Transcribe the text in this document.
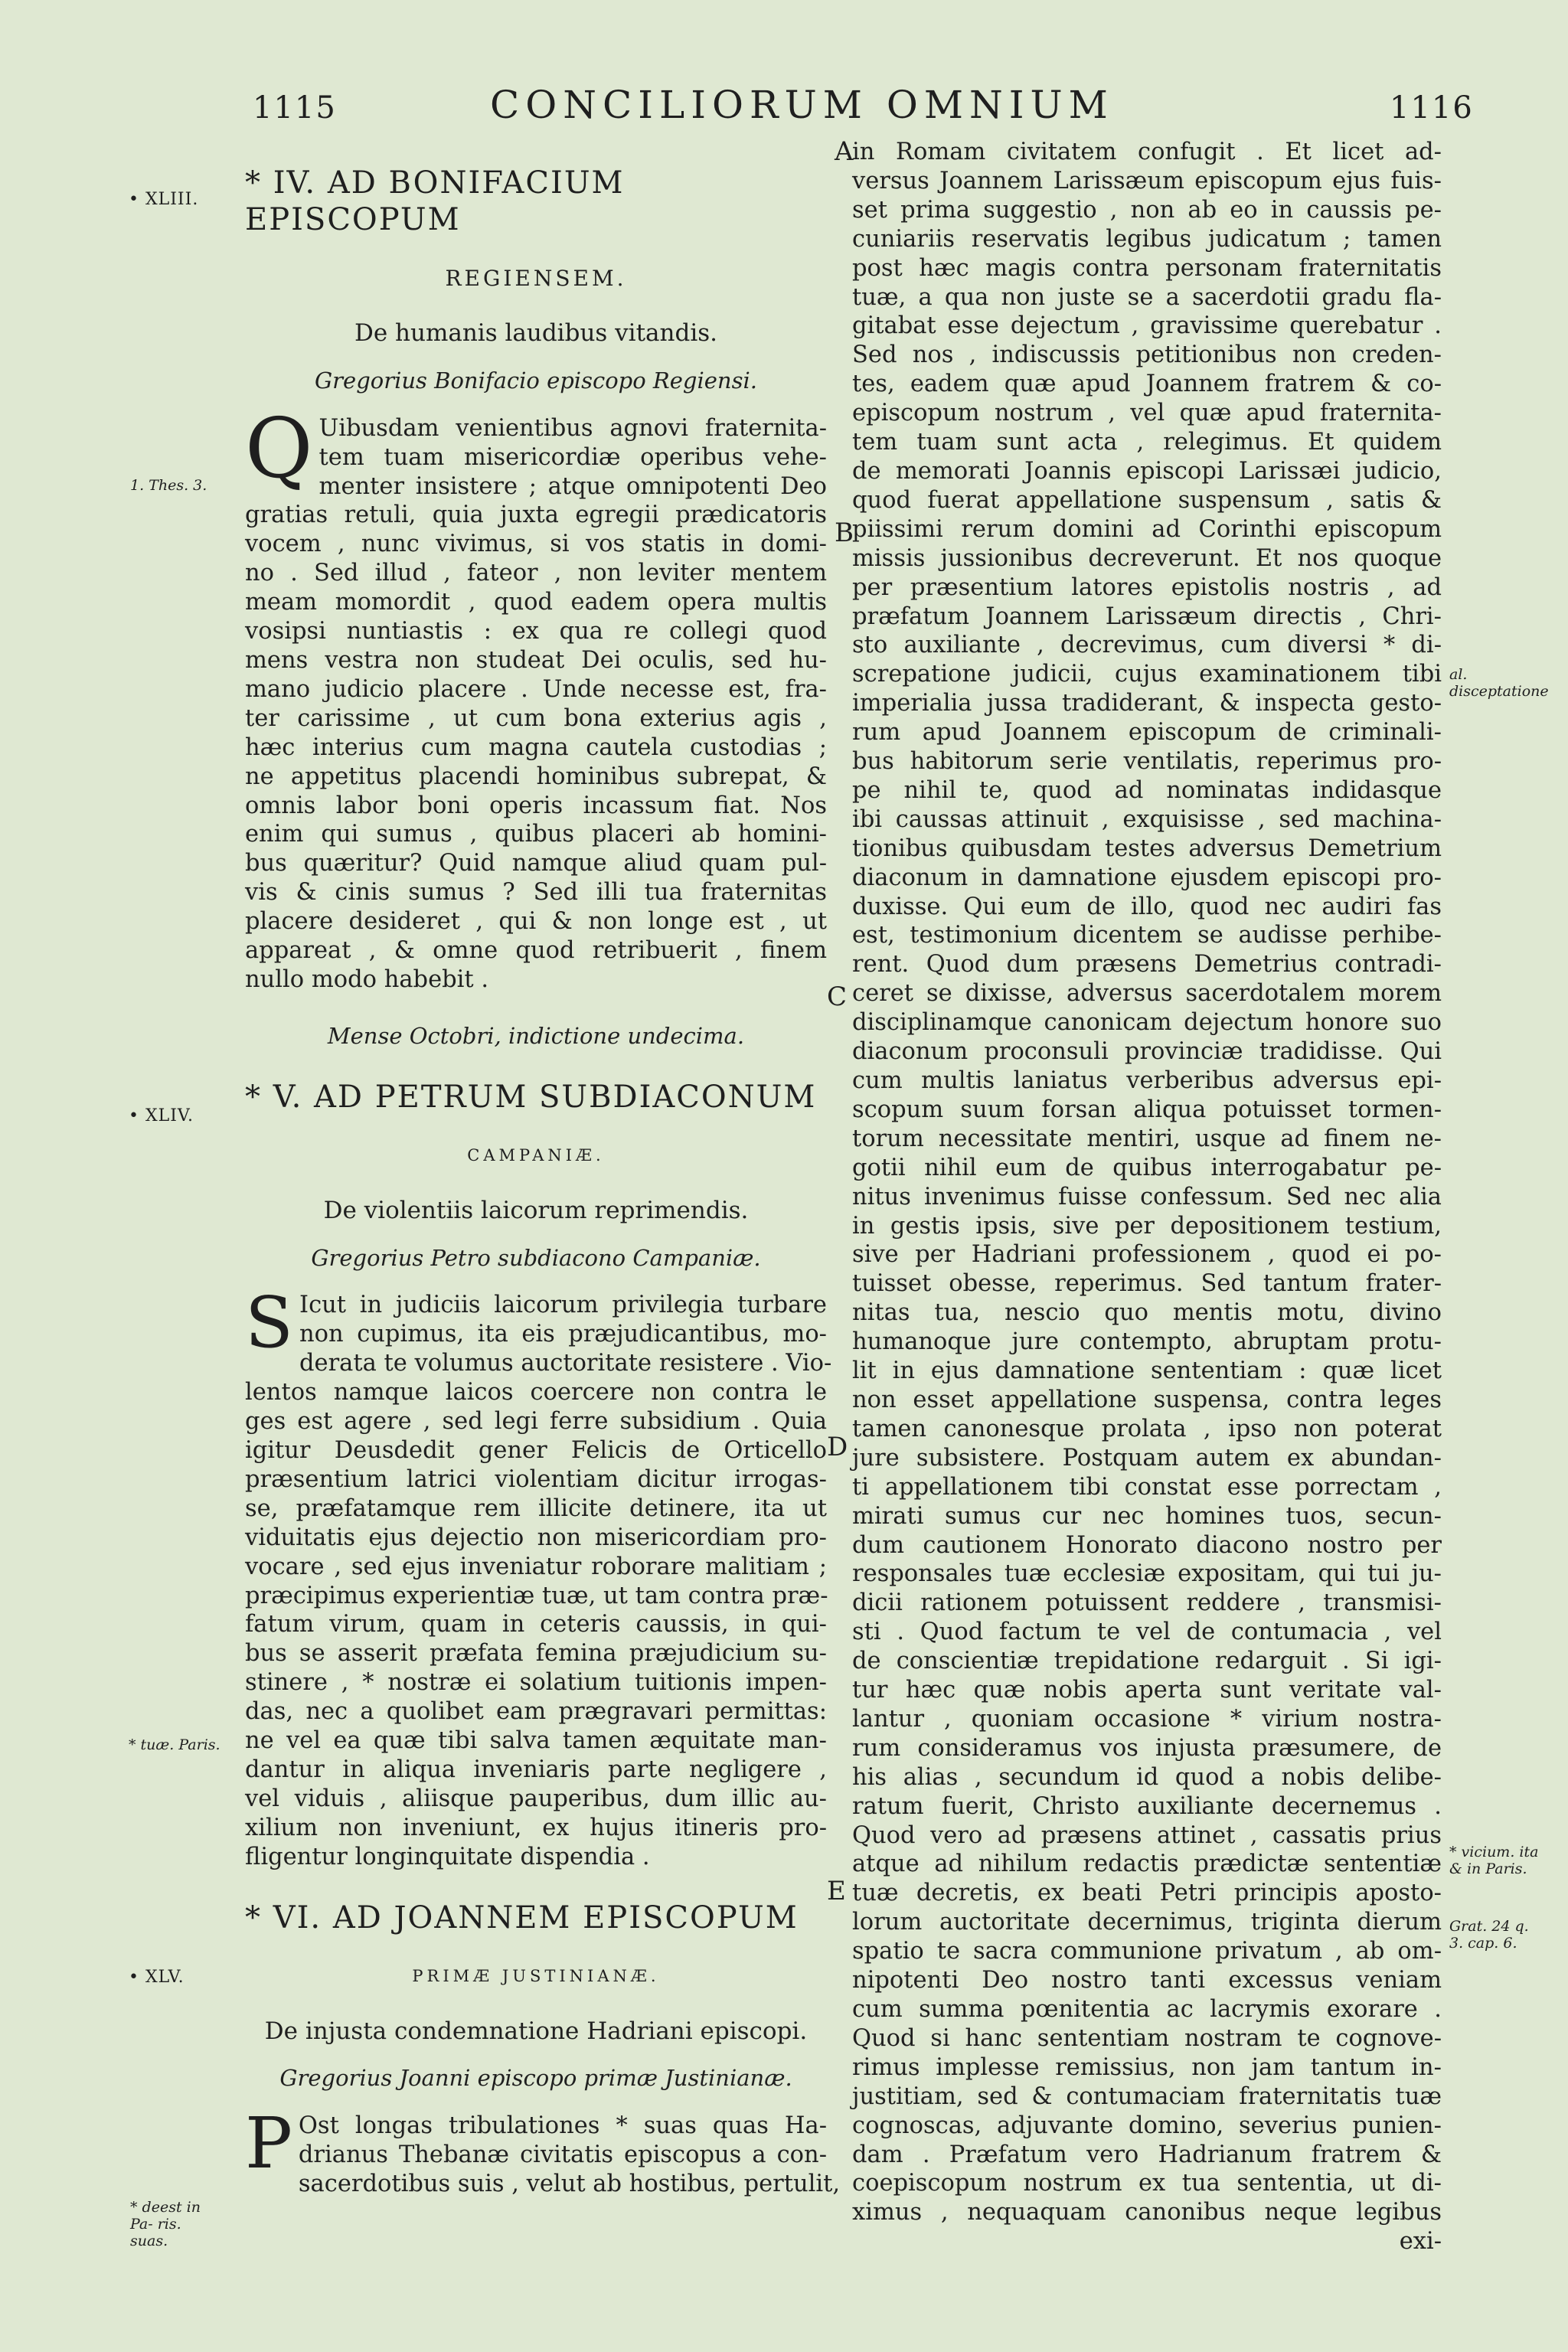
1115	CONCILIORUM OMNIUM	1116
• XLIII.
1. Thes. 3.
• XLIV.
* tuæ. Paris.
• XLV.
* deest in Pa- ris. suas.
al. disceptatione
* vicium. ita & in Paris.
Grat. 24 q. 3. cap. 6.
A
B
C
D
E
* IV. AD BONIFACIUM EPISCOPUM
REGIENSEM.
De humanis laudibus vitandis.
Gregorius Bonifacio episcopo Regiensi.
Q Uibusdam venientibus agnovi fraternita-
tem tuam misericordiæ operibus vehe-
menter insistere ; atque omnipotenti Deo
gratias retuli, quia juxta egregii prædicatoris
vocem , nunc vivimus, si vos statis in domi-
no . Sed illud , fateor , non leviter mentem
meam momordit , quod eadem opera multis
vosipsi nuntiastis : ex qua re collegi quod
mens vestra non studeat Dei oculis, sed hu-
mano judicio placere . Unde necesse est, fra-
ter carissime , ut cum bona exterius agis ,
hæc interius cum magna cautela custodias ;
ne appetitus placendi hominibus subrepat, &
omnis labor boni operis incassum fiat. Nos
enim qui sumus , quibus placeri ab homini-
bus quæritur? Quid namque aliud quam pul-
vis & cinis sumus ? Sed illi tua fraternitas
placere desideret , qui & non longe est , ut
appareat , & omne quod retribuerit , finem
nullo modo habebit .
Mense Octobri, indictione undecima.
* V. AD PETRUM SUBDIACONUM
CAMPANIÆ.
De violentiis laicorum reprimendis.
Gregorius Petro subdiacono Campaniæ.
S Icut in judiciis laicorum privilegia turbare
non cupimus, ita eis præjudicantibus, mo-
derata te volumus auctoritate resistere . Vio-
lentos namque laicos coercere non contra le
ges est agere , sed legi ferre subsidium . Quia
igitur Deusdedit gener Felicis de Orticello
præsentium latrici violentiam dicitur irrogas-
se, præfatamque rem illicite detinere, ita ut
viduitatis ejus dejectio non misericordiam pro-
vocare , sed ejus inveniatur roborare malitiam ;
præcipimus experientiæ tuæ, ut tam contra præ-
fatum virum, quam in ceteris caussis, in qui-
bus se asserit præfata femina præjudicium su-
stinere , * nostræ ei solatium tuitionis impen-
das, nec a quolibet eam prægravari permittas:
ne vel ea quæ tibi salva tamen æquitate man-
dantur in aliqua inveniaris parte negligere ,
vel viduis , aliisque pauperibus, dum illic au-
xilium non inveniunt, ex hujus itineris pro-
fligentur longinquitate dispendia .
* VI. AD JOANNEM EPISCOPUM
PRIMÆ JUSTINIANÆ.
De injusta condemnatione Hadriani episcopi.
Gregorius Joanni episcopo primæ Justinianæ.
P Ost longas tribulationes * suas quas Ha-
drianus Thebanæ civitatis episcopus a con-
sacerdotibus suis , velut ab hostibus, pertulit,
in Romam civitatem confugit . Et licet ad-
versus Joannem Larissæum episcopum ejus fuis-
set prima suggestio , non ab eo in caussis pe-
cuniariis reservatis legibus judicatum ; tamen
post hæc magis contra personam fraternitatis
tuæ, a qua non juste se a sacerdotii gradu fla-
gitabat esse dejectum , gravissime querebatur .
Sed nos , indiscussis petitionibus non creden-
tes, eadem quæ apud Joannem fratrem & co-
episcopum nostrum , vel quæ apud fraternita-
tem tuam sunt acta , relegimus. Et quidem
de memorati Joannis episcopi Larissæi judicio,
quod fuerat appellatione suspensum , satis &
piissimi rerum domini ad Corinthi episcopum
missis jussionibus decreverunt. Et nos quoque
per præsentium latores epistolis nostris , ad
præfatum Joannem Larissæum directis , Chri-
sto auxiliante , decrevimus, cum diversi * di-
screpatione judicii, cujus examinationem tibi
imperialia jussa tradiderant, & inspecta gesto-
rum apud Joannem episcopum de criminali-
bus habitorum serie ventilatis, reperimus pro-
pe nihil te, quod ad nominatas indidasque
ibi caussas attinuit , exquisisse , sed machina-
tionibus quibusdam testes adversus Demetrium
diaconum in damnatione ejusdem episcopi pro-
duxisse. Qui eum de illo, quod nec audiri fas
est, testimonium dicentem se audisse perhibe-
rent. Quod dum præsens Demetrius contradi-
ceret se dixisse, adversus sacerdotalem morem
disciplinamque canonicam dejectum honore suo
diaconum proconsuli provinciæ tradidisse. Qui
cum multis laniatus verberibus adversus epi-
scopum suum forsan aliqua potuisset tormen-
torum necessitate mentiri, usque ad finem ne-
gotii nihil eum de quibus interrogabatur pe-
nitus invenimus fuisse confessum. Sed nec alia
in gestis ipsis, sive per depositionem testium,
sive per Hadriani professionem , quod ei po-
tuisset obesse, reperimus. Sed tantum frater-
nitas tua, nescio quo mentis motu, divino
humanoque jure contempto, abruptam protu-
lit in ejus damnatione sententiam : quæ licet
non esset appellatione suspensa, contra leges
tamen canonesque prolata , ipso non poterat
jure subsistere. Postquam autem ex abundan-
ti appellationem tibi constat esse porrectam ,
mirati sumus cur nec homines tuos, secun-
dum cautionem Honorato diacono nostro per
responsales tuæ ecclesiæ expositam, qui tui ju-
dicii rationem potuissent reddere , transmisi-
sti . Quod factum te vel de contumacia , vel
de conscientiæ trepidatione redarguit . Si igi-
tur hæc quæ nobis aperta sunt veritate val-
lantur , quoniam occasione * virium nostra-
rum consideramus vos injusta præsumere, de
his alias , secundum id quod a nobis delibe-
ratum fuerit, Christo auxiliante decernemus .
Quod vero ad præsens attinet , cassatis prius
atque ad nihilum redactis prædictæ sententiæ
tuæ decretis, ex beati Petri principis aposto-
lorum auctoritate decernimus, triginta dierum
spatio te sacra communione privatum , ab om-
nipotenti Deo nostro tanti excessus veniam
cum summa pœnitentia ac lacrymis exorare .
Quod si hanc sententiam nostram te cognove-
rimus implesse remissius, non jam tantum in-
justitiam, sed & contumaciam fraternitatis tuæ
cognoscas, adjuvante domino, severius punien-
dam . Præfatum vero Hadrianum fratrem &
coepiscopum nostrum ex tua sententia, ut di-
ximus , nequaquam canonibus neque legibus
exi-
